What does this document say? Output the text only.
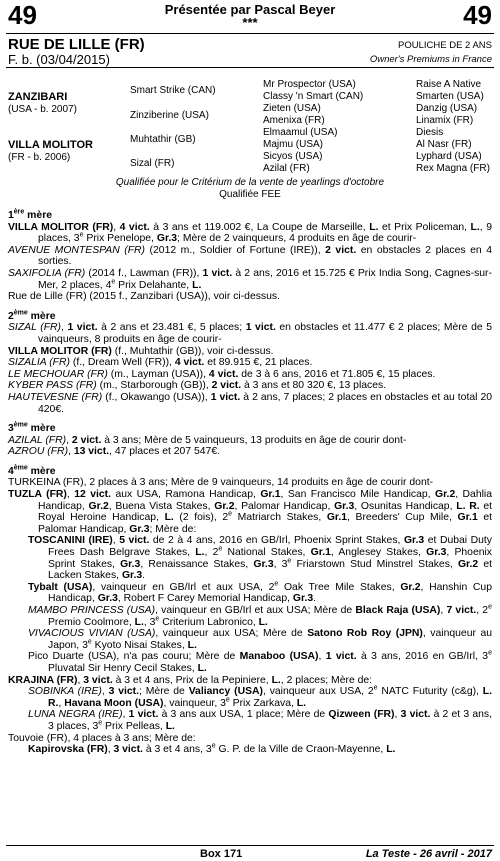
49	49
Présentée par Pascal Beyer
***
RUE DE LILLE (FR)
F. b. (03/04/2015)
POULICHE DE 2 ANS
Owner's Premiums in France
ZANZIBARI
(USA - b. 2007)
VILLA MOLITOR
(FR - b. 2006)
Smart Strike (CAN)
Zinziberine (USA)
Muhtathir (GB)
Sizal (FR)
Mr Prospector (USA)
Classy 'n Smart (CAN)
Zieten (USA)
Amenixa (FR)
Elmaamul (USA)
Majmu (USA)
Sicyos (USA)
Azilal (FR)
Raise A Native
Smarten (USA)
Danzig (USA)
Linamix (FR)
Diesis
Al Nasr (FR)
Lyphard (USA)
Rex Magna (FR)
Qualifiée pour le Critérium de la vente de yearlings d'octobre
Qualifiée FEE

1ère mère

VILLA MOLITOR (FR), 4 vict. à 3 ans et 119.002 €, La Coupe de Marseille, L. et Prix Policeman, L., 9 places, 3e Prix Penelope, Gr.3; Mère de 2 vainqueurs, 4 produits en âge de courir-

AVENUE MONTESPAN (FR) (2012 m., Soldier of Fortune (IRE)), 2 vict. en obstacles 2 places en 4 sorties.

SAXIFOLIA (FR) (2014 f., Lawman (FR)), 1 vict. à 2 ans, 2016 et 15.725 € Prix India Song, Cagnes-sur-Mer, 2 places, 4e Prix Delahante, L.

Rue de Lille (FR) (2015 f., Zanzibari (USA)), voir ci-dessus.

2ème mère

SIZAL (FR), 1 vict. à 2 ans et 23.481 €, 5 places; 1 vict. en obstacles et 11.477 € 2 places; Mère de 5 vainqueurs, 8 produits en âge de courir-

VILLA MOLITOR (FR) (f., Muhtathir (GB)), voir ci-dessus.

SIZALIA (FR) (f., Dream Well (FR)), 4 vict. et 89.915 €, 21 places.

LE MECHOUAR (FR) (m., Layman (USA)), 4 vict. de 3 à 6 ans, 2016 et 71.805 €, 15 places.

KYBER PASS (FR) (m., Starborough (GB)), 2 vict. à 3 ans et 80 320 €, 13 places.

HAUTEVESNE (FR) (f., Okawango (USA)), 1 vict. à 2 ans, 7 places; 2 places en obstacles et au total 20 420€.

3ème mère

AZILAL (FR), 2 vict. à 3 ans; Mère de 5 vainqueurs, 13 produits en âge de courir dont-

AZROU (FR), 13 vict., 47 places et 207 547€.

4ème mère

TURKEINA (FR), 2 places à 3 ans; Mère de 9 vainqueurs, 14 produits en âge de courir dont-

TUZLA (FR), 12 vict. aux USA, Ramona Handicap, Gr.1, San Francisco Mile Handicap, Gr.2, Dahlia Handicap, Gr.2, Buena Vista Stakes, Gr.2, Palomar Handicap, Gr.3, Osunitas Handicap, L. R. et Royal Heroine Handicap, L. (2 fois), 2e Matriarch Stakes, Gr.1, Breeders' Cup Mile, Gr.1 et Palomar Handicap, Gr.3; Mère de:

TOSCANINI (IRE), 5 vict. de 2 à 4 ans, 2016 en GB/Irl, Phoenix Sprint Stakes, Gr.3 et Dubai Duty Frees Dash Belgrave Stakes, L., 2e National Stakes, Gr.1, Anglesey Stakes, Gr.3, Phoenix Sprint Stakes, Gr.3, Renaissance Stakes, Gr.3, 3e Friarstown Stud Minstrel Stakes, Gr.2 et Lacken Stakes, Gr.3.

Tybalt (USA), vainqueur en GB/Irl et aux USA, 2e Oak Tree Mile Stakes, Gr.2, Hanshin Cup Handicap, Gr.3, Robert F Carey Memorial Handicap, Gr.3.

MAMBO PRINCESS (USA), vainqueur en GB/Irl et aux USA; Mère de Black Raja (USA), 7 vict., 2e Premio Coolmore, L., 3e Criterium Labronico, L.

VIVACIOUS VIVIAN (USA), vainqueur aux USA; Mère de Satono Rob Roy (JPN), vainqueur au Japon, 3e Kyoto Nisai Stakes, L.

Pico Duarte (USA), n'a pas couru; Mère de Manaboo (USA), 1 vict. à 3 ans, 2016 en GB/Irl, 3e Pluvatal Sir Henry Cecil Stakes, L.

KRAJINA (FR), 3 vict. à 3 et 4 ans, Prix de la Pepiniere, L., 2 places; Mère de:

SOBINKA (IRE), 3 vict.; Mère de Valiancy (USA), vainqueur aux USA, 2e NATC Futurity (c&g), L. R., Havana Moon (USA), vainqueur, 3e Prix Zarkava, L.

LUNA NEGRA (IRE), 1 vict. à 3 ans aux USA, 1 place; Mère de Qizween (FR), 3 vict. à 2 et 3 ans, 3 places, 3e Prix Pelleas, L.

Touvoie (FR), 4 places à 3 ans; Mère de:

Kapirovska (FR), 3 vict. à 3 et 4 ans, 3e G. P. de la Ville de Craon-Mayenne, L.

Box 171	La Teste - 26 avril - 2017
